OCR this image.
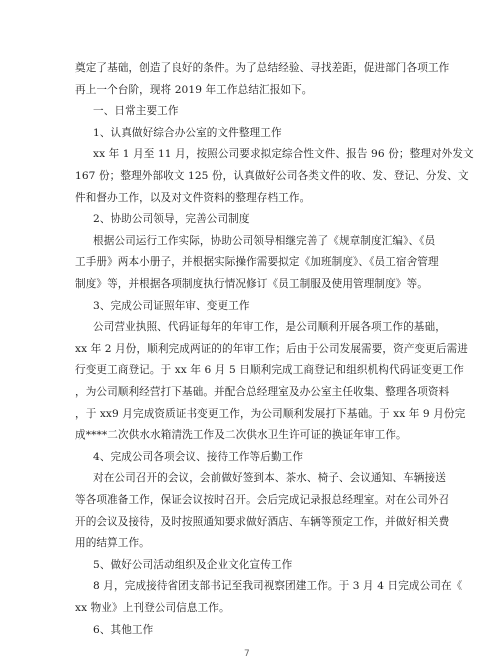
奠定了基础，创造了良好的条件。为了总结经验、寻找差距，促进部门各项工作
再上一个台阶，现将 2019 年工作总结汇报如下。
一、日常主要工作
1、认真做好综合办公室的文件整理工作
xx 年 1 月至 11 月，按照公司要求拟定综合性文件、报告 96 份；整理对外发文
167 份；整理外部收文 125 份，认真做好公司各类文件的收、发、登记、分发、文
件和督办工作，以及对文件资料的整理存档工作。
2、协助公司领导，完善公司制度
根据公司运行工作实际，协助公司领导相继完善了《规章制度汇编》、《员
工手册》两本小册子，并根据实际操作需要拟定《加班制度》、《员工宿舍管理
制度》等，并根据各项制度执行情况修订《员工制服及使用管理制度》等。
3、完成公司证照年审、变更工作
公司营业执照、代码证每年的年审工作，是公司顺利开展各项工作的基础，
xx 年 2 月份，顺利完成两证的的年审工作；后由于公司发展需要，资产变更后需进
行变更工商登记。于 xx 年 6 月 5 日顺利完成工商登记和组织机构代码证变更工作
，为公司顺利经营打下基础。并配合总经理室及办公室主任收集、整理各项资料
，于 xx9 月完成资质证书变更工作，为公司顺利发展打下基础。于 xx 年 9 月份完
成****二次供水水箱清洗工作及二次供水卫生许可证的换证年审工作。
4、完成公司各项会议、接待工作等后勤工作
对在公司召开的会议，会前做好签到本、茶水、椅子、会议通知、车辆接送
等各项准备工作，保证会议按时召开。会后完成记录报总经理室。对在公司外召
开的会议及接待，及时按照通知要求做好酒店、车辆等预定工作，并做好相关费
用的结算工作。
5、做好公司活动组织及企业文化宣传工作
8 月，完成接待省团支部书记至我司视察团建工作。于 3 月 4 日完成公司在《
xx 物业》上刊登公司信息工作。
6、其他工作
7
